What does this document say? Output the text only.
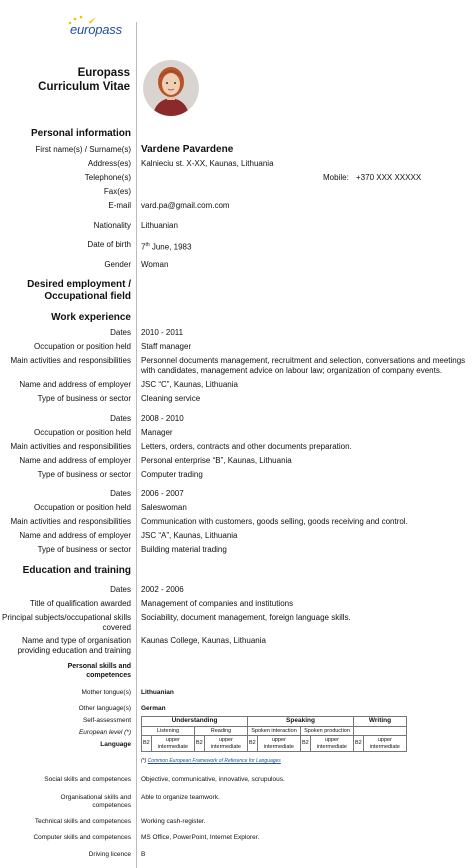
europass
Europass
Curriculum Vitae
Personal information
First name(s) / Surname(s) Vardene Pavardene
Address(es) Kalnieciu st. X-XX, Kaunas, Lithuania
Telephone(s)	Mobile: +370 XXX XXXXX
Fax(es)
E-mail vard.pa@gmail.com.com
Nationality Lithuanian
Date of birth 7th June, 1983
Gender Woman
Desired employment /
Occupational field
Work experience
Dates 2010 - 2011
Occupation or position held Staff manager
Main activities and responsibilities Personnel documents management, recruitment and selection, conversations and meetings with candidates, management advice on labour law; organization of company events.
Name and address of employer JSC “C”, Kaunas, Lithuania
Type of business or sector Cleaning service
Dates 2008 - 2010
Occupation or position held Manager
Main activities and responsibilities Letters, orders, contracts and other documents preparation.
Name and address of employer Personal enterprise “B”, Kaunas, Lithuania
Type of business or sector Computer trading
Dates 2006 - 2007
Occupation or position held Saleswoman
Main activities and responsibilities Communication with customers, goods selling, goods receiving and control.
Name and address of employer JSC “A”, Kaunas, Lithuania
Type of business or sector Building material trading
Education and training
Dates 2002 - 2006
Title of qualification awarded Management of companies and institutions
Principal subjects/occupational skills
covered
Sociability, document management, foreign language skills.
Name and type of organisation
providing education and training
Kaunas College, Kaunas, Lithuania
Personal skills and
competences
Mother tongue(s) Lithuanian
Other language(s) German
Self-assessment
European level (*)
Language
Understanding				Speaking				Writing	
Listening		Reading		Spoken interaction		Spoken production			
B2	upper intermediate	B2	upper intermediate	B2	upper intermediate	B2	upper intermediate	B2	upper intermediate
(*) Common European Framework of Reference for Languages
Social skills and competences Objective, communicative, innovative, scrupulous.
Organisational skills and
competences
Able to organize teamwork.
Technical skills and competences Working cash-register.
Computer skills and competences MS Office, PowerPoint, Internet Explorer.
Driving licence B
